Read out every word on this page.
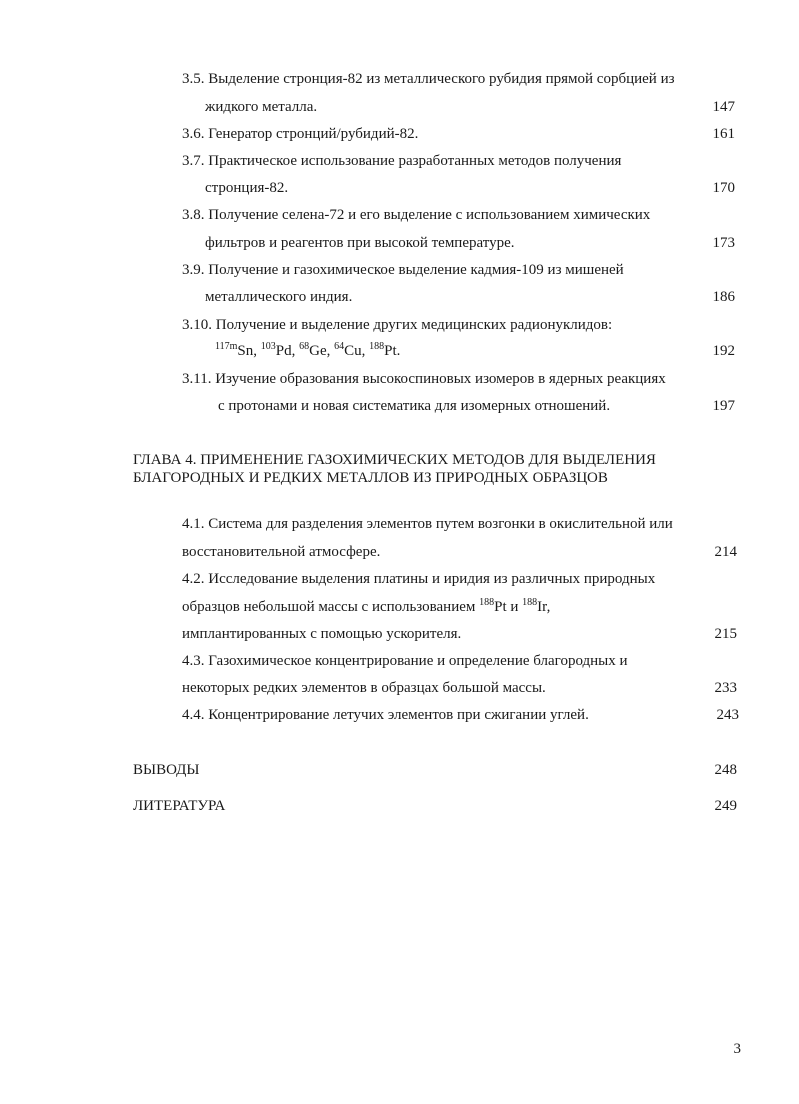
3.5. Выделение стронция-82 из металлического рубидия прямой сорбцией из
жидкого металла.	147
3.6. Генератор стронций/рубидий-82.	161
3.7. Практическое использование разработанных методов получения
стронция-82.	170
3.8. Получение селена-72 и его выделение с использованием химических
фильтров и реагентов при высокой температуре.	173
3.9. Получение и газохимическое выделение кадмия-109 из мишеней
металлического индия.	186
3.10. Получение и выделение других медицинских радионуклидов:
$^{117m}$Sn, $^{103}$Pd, $^{68}$Ge, $^{64}$Cu, $^{188}$Pt.	192
3.11. Изучение образования высокоспиновых изомеров в ядерных реакциях
с протонами и новая систематика для изомерных отношений.	197
ГЛАВА 4. ПРИМЕНЕНИЕ ГАЗОХИМИЧЕСКИХ МЕТОДОВ ДЛЯ ВЫДЕЛЕНИЯ
БЛАГОРОДНЫХ И РЕДКИХ МЕТАЛЛОВ ИЗ ПРИРОДНЫХ ОБРАЗЦОВ
4.1. Система для разделения элементов путем возгонки в окислительной или
восстановительной атмосфере.	214
4.2. Исследование выделения платины и иридия из различных природных
образцов небольшой массы с использованием $^{188}$Pt и $^{188}$Ir,
имплантированных с помощью ускорителя.	215
4.3. Газохимическое концентрирование и определение благородных и
некоторых редких элементов в образцах большой массы.	233
4.4. Концентрирование летучих элементов при сжигании углей.	243
ВЫВОДЫ	248
ЛИТЕРАТУРА	249
3
